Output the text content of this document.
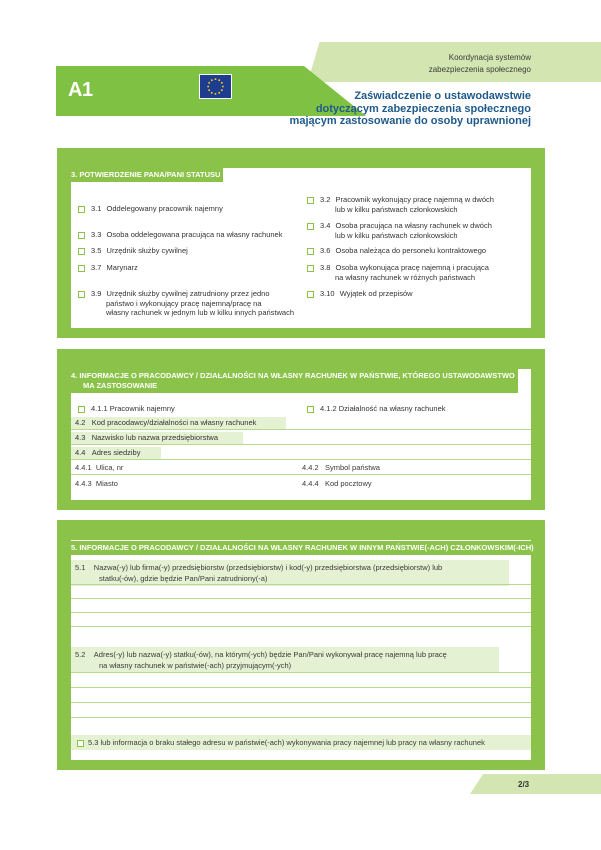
Koordynacja systemów
zabezpieczenia społecznego
A1	Zaświadczenie o ustawodawstwie
dotyczącym zabezpieczenia społecznego
mającym zastosowanie do osoby uprawnionej
3. POTWIERDZENIE PANA/PANI STATUSU
3.1 Oddelegowany pracownik najemny
3.3 Osoba oddelegowana pracująca na własny rachunek
3.5 Urzędnik służby cywilnej
3.7 Marynarz
3.9 Urzędnik służby cywilnej zatrudniony przez jedno
państwo i wykonujący pracę najemną/pracę na
własny rachunek w jednym lub w kilku innych państwach
3.2 Pracownik wykonujący pracę najemną w dwóch
lub w kilku państwach członkowskich
3.4 Osoba pracująca na własny rachunek w dwóch
lub w kilku państwach członkowskich
3.6 Osoba należąca do personelu kontraktowego
3.8 Osoba wykonująca pracę najemną i pracująca
na własny rachunek w różnych państwach
3.10 Wyjątek od przepisów
4. INFORMACJE O PRACODAWCY / DZIAŁALNOŚCI NA WŁASNY RACHUNEK W PAŃSTWIE, KTÓREGO USTAWODAWSTWO
MA ZASTOSOWANIE
4.1.1 Pracownik najemny	4.1.2 Działalność na własny rachunek
4.2 Kod pracodawcy/działalności na własny rachunek
4.3 Nazwisko lub nazwa przedsiębiorstwa
4.4 Adres siedziby
4.4.1 Ulica, nr	4.4.2 Symbol państwa
4.4.3 Miasto	4.4.4 Kod pocztowy
5. INFORMACJE O PRACODAWCY / DZIAŁALNOŚCI NA WŁASNY RACHUNEK W INNYM PAŃSTWIE(-ACH) CZŁONKOWSKIM(-ICH)
5.1 Nazwa(-y) lub firma(-y) przedsiębiorstw (przedsiębiorstw) i kod(-y) przedsiębiorstwa (przedsiębiorstw) lub
statku(-ów), gdzie będzie Pan/Pani zatrudniony(-a)
5.2 Adres(-y) lub nazwa(-y) statku(-ów), na którym(-ych) będzie Pan/Pani wykonywał pracę najemną lub pracę
na własny rachunek w państwie(-ach) przyjmującym(-ych)
5.3 lub informacja o braku stałego adresu w państwie(-ach) wykonywania pracy najemnej lub pracy na własny rachunek
2/3
